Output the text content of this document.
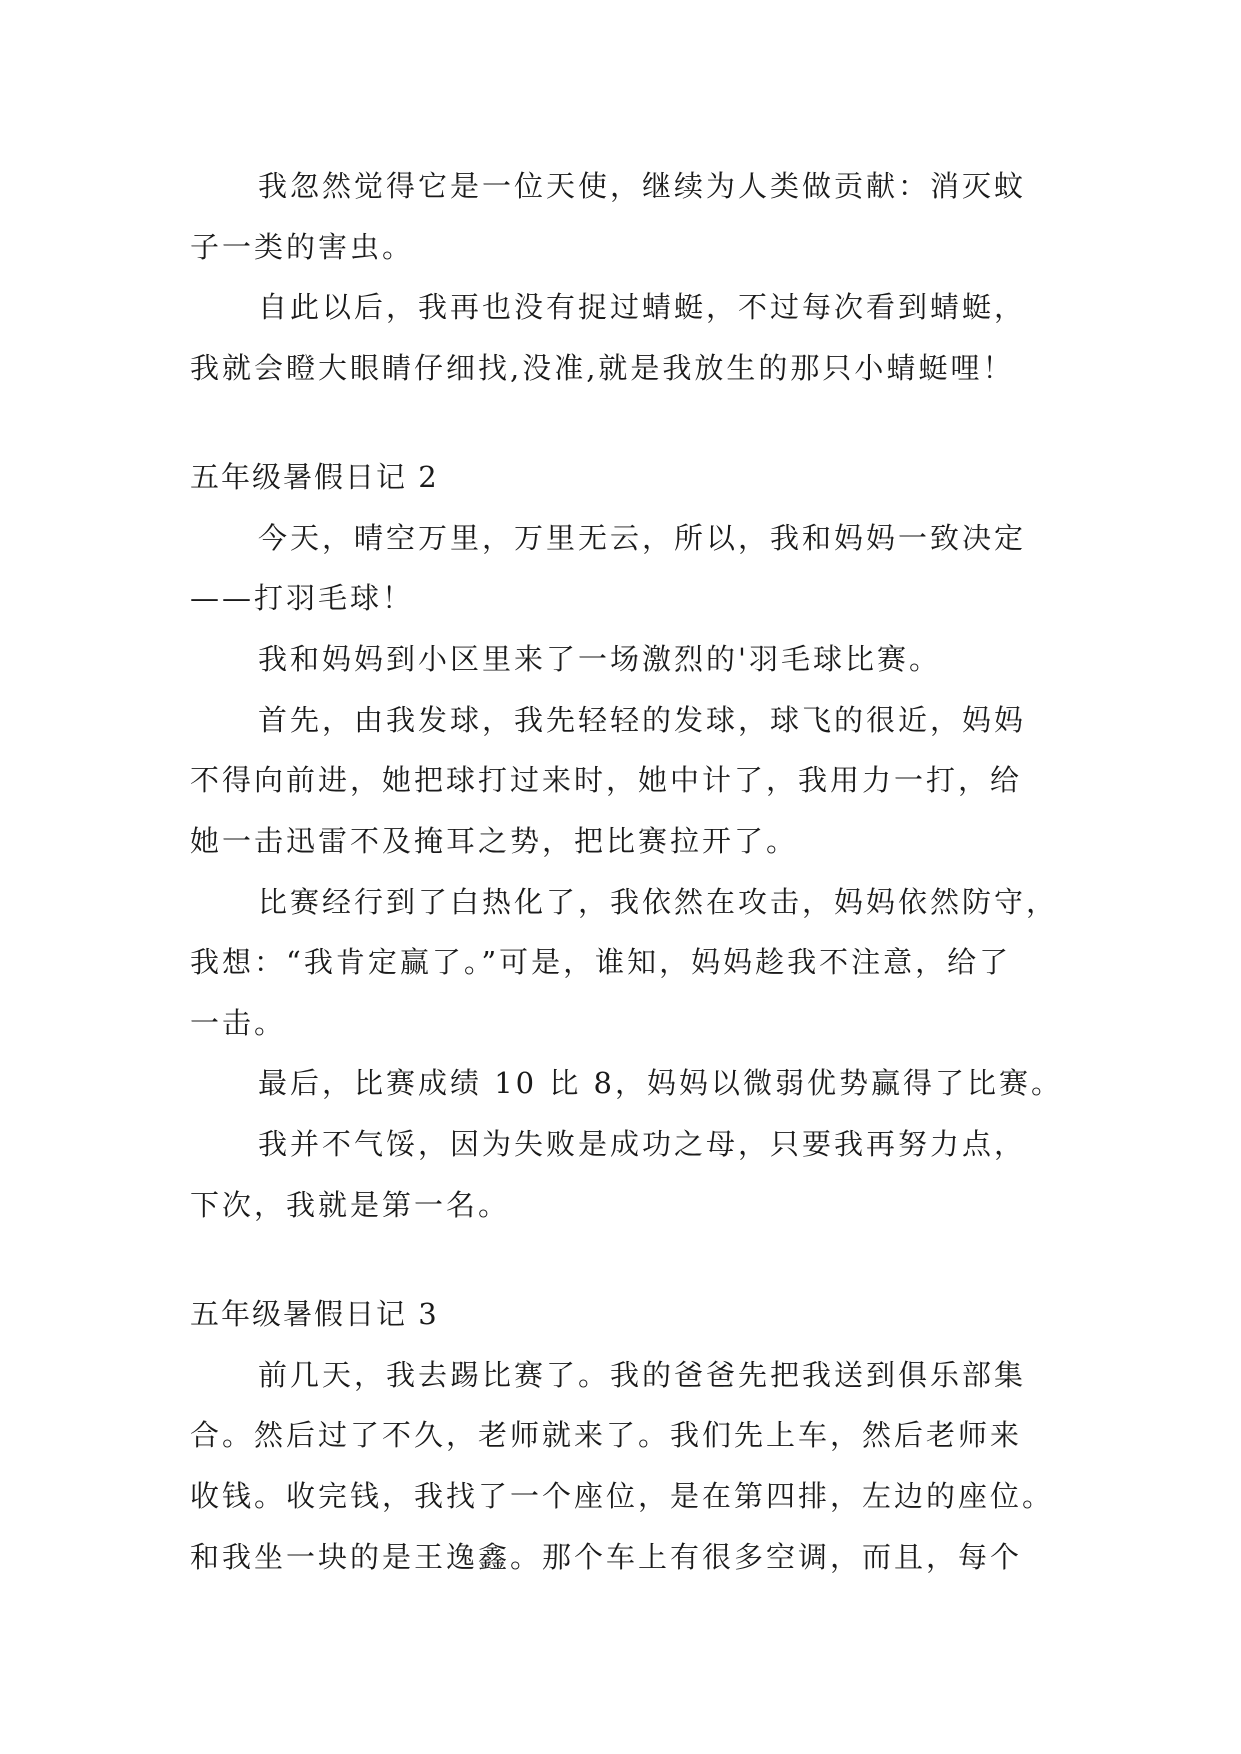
我忽然觉得它是一位天使，继续为人类做贡献：消灭蚊
子一类的害虫。
自此以后，我再也没有捉过蜻蜓，不过每次看到蜻蜓，
我就会瞪大眼睛仔细找,没准,就是我放生的那只小蜻蜓哩！
五年级暑假日记 2
今天，晴空万里，万里无云，所以，我和妈妈一致决定
——打羽毛球！
我和妈妈到小区里来了一场激烈的'羽毛球比赛。
首先，由我发球，我先轻轻的发球，球飞的很近，妈妈
不得向前进，她把球打过来时，她中计了，我用力一打，给
她一击迅雷不及掩耳之势，把比赛拉开了。
比赛经行到了白热化了，我依然在攻击，妈妈依然防守，
我想：“我肯定赢了。”可是，谁知，妈妈趁我不注意，给了
一击。
最后，比赛成绩 10 比 8，妈妈以微弱优势赢得了比赛。
我并不气馁，因为失败是成功之母，只要我再努力点，
下次，我就是第一名。
五年级暑假日记 3
前几天，我去踢比赛了。我的爸爸先把我送到俱乐部集
合。然后过了不久，老师就来了。我们先上车，然后老师来
收钱。收完钱，我找了一个座位，是在第四排，左边的座位。
和我坐一块的是王逸鑫。那个车上有很多空调，而且，每个
